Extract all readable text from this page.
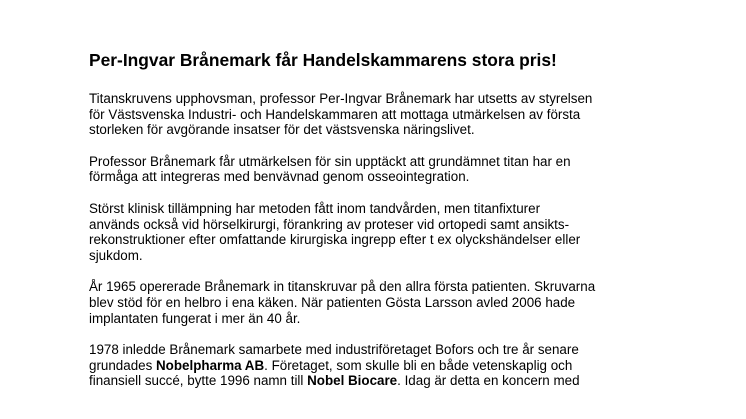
Per-Ingvar Brånemark får Handelskammarens stora pris!

Titanskruvens upphovsman, professor Per-Ingvar Brånemark har utsetts av styrelsen
för Västsvenska Industri- och Handelskammaren att mottaga utmärkelsen av första
storleken för avgörande insatser för det västsvenska näringslivet.

Professor Brånemark får utmärkelsen för sin upptäckt att grundämnet titan har en
förmåga att integreras med benvävnad genom osseointegration.

Störst klinisk tillämpning har metoden fått inom tandvården, men titanfixturer
används också vid hörselkirurgi, förankring av proteser vid ortopedi samt ansikts-
rekonstruktioner efter omfattande kirurgiska ingrepp efter t ex olyckshändelser eller
sjukdom.

År 1965 opererade Brånemark in titanskruvar på den allra första patienten. Skruvarna
blev stöd för en helbro i ena käken. När patienten Gösta Larsson avled 2006 hade
implantaten fungerat i mer än 40 år.

1978 inledde Brånemark samarbete med industriföretaget Bofors och tre år senare
grundades Nobelpharma AB. Företaget, som skulle bli en både vetenskaplig och
finansiell succé, bytte 1996 namn till Nobel Biocare. Idag är detta en koncern med
